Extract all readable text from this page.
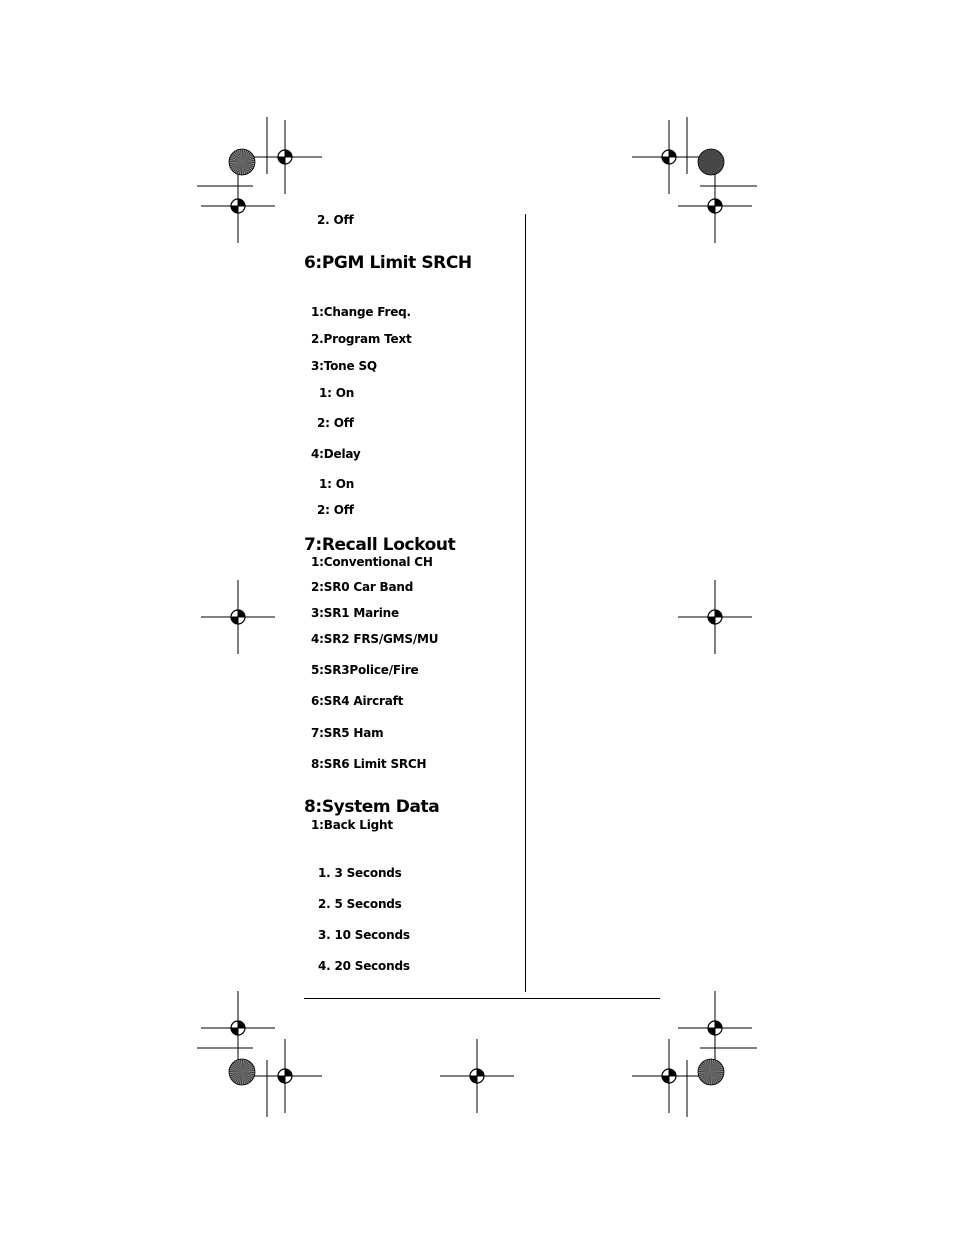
2. Off
6:PGM Limit SRCH
1:Change Freq.
2.Program Text
3:Tone SQ
1: On
2: Off
4:Delay
1: On
2: Off
7:Recall Lockout
1:Conventional CH
2:SR0 Car Band
3:SR1 Marine
4:SR2 FRS/GMS/MU
5:SR3Police/Fire
6:SR4 Aircraft
7:SR5 Ham
8:SR6 Limit SRCH
8:System Data
1:Back Light
1. 3 Seconds
2. 5 Seconds
3. 10 Seconds
4. 20 Seconds
